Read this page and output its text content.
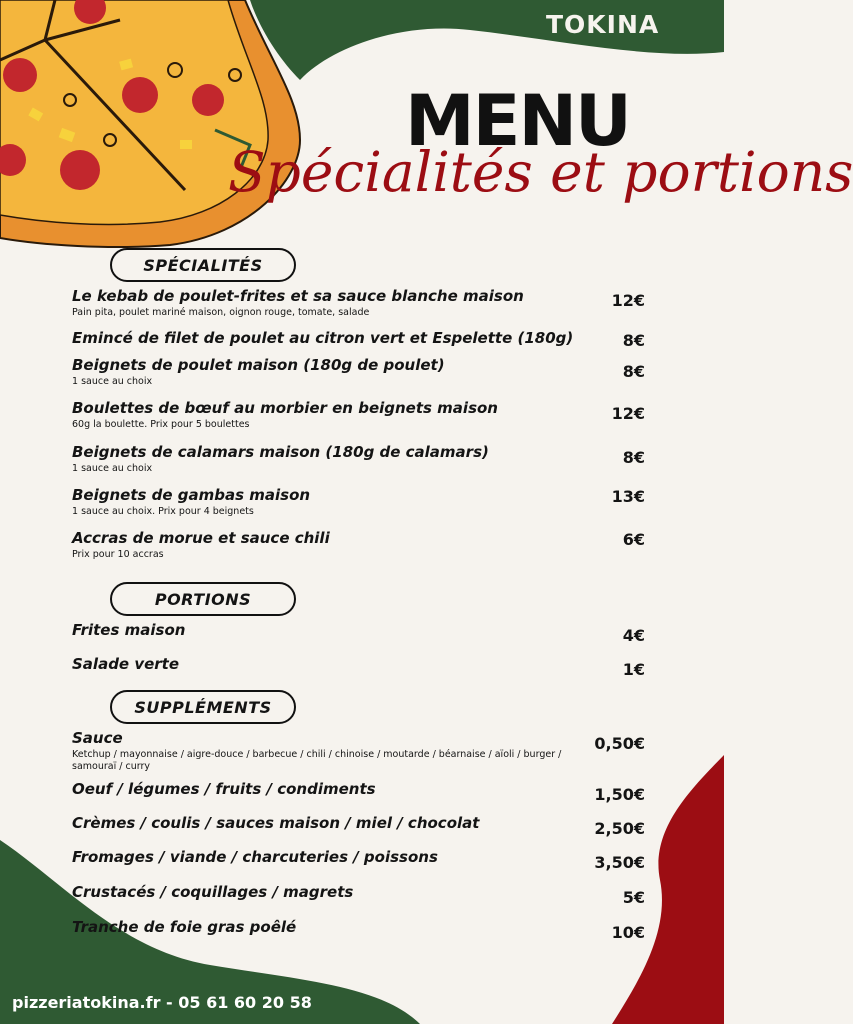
TOKINA
MENU
Spécialités et portions
SPÉCIALITÉS
Le kebab de poulet-frites et sa sauce blanche maison
Pain pita, poulet mariné maison, oignon rouge, tomate, salade
12€
Emincé de filet de poulet au citron vert et Espelette (180g)	8€
Beignets de poulet maison (180g de poulet)
1 sauce au choix
8€
Boulettes de bœuf au morbier en beignets maison
60g la boulette. Prix pour 5 boulettes
12€
Beignets de calamars maison (180g de calamars)
1 sauce au choix
8€
Beignets de gambas maison
1 sauce au choix. Prix pour 4 beignets
13€
Accras de morue et sauce chili
Prix pour 10 accras
6€
PORTIONS
Frites maison	4€
Salade verte	1€
SUPPLÉMENTS
Sauce
Ketchup / mayonnaise / aigre-douce / barbecue / chili / chinoise / moutarde / béarnaise / aïoli / burger / samouraï / curry
0,50€
Oeuf / légumes / fruits / condiments	1,50€
Crèmes / coulis / sauces maison / miel / chocolat	2,50€
Fromages / viande / charcuteries / poissons	3,50€
Crustacés / coquillages / magrets	5€
Tranche de foie gras poêlé	10€
pizzeriatokina.fr - 05 61 60 20 58
